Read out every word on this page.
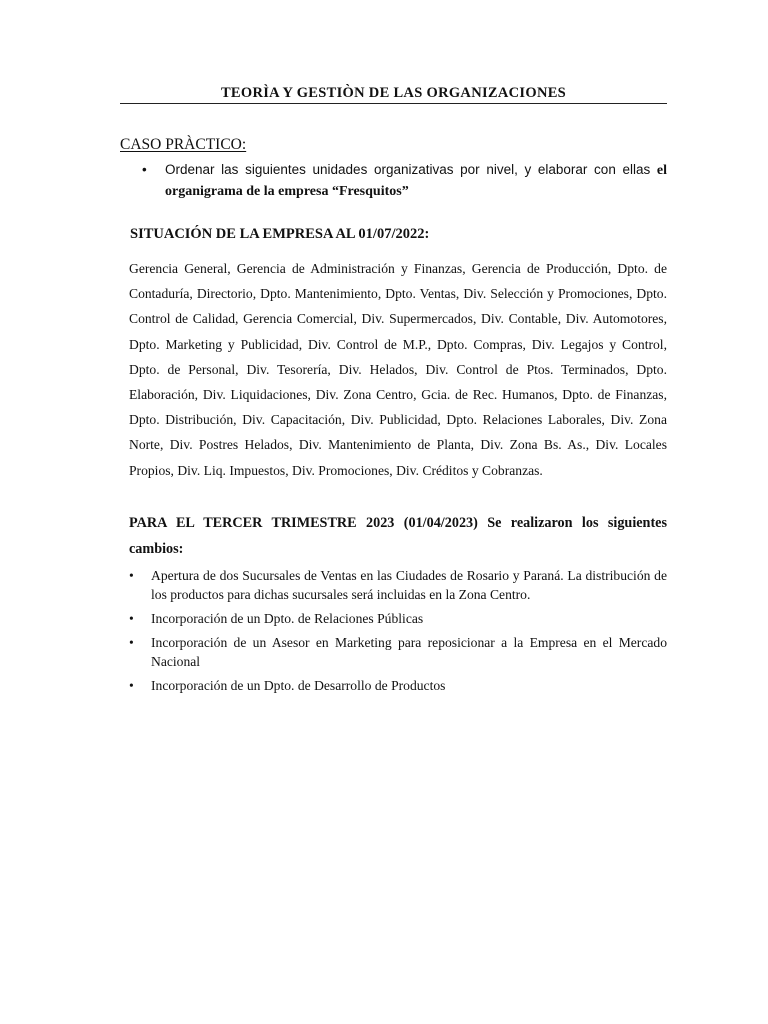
TEORÌA Y GESTIÒN DE LAS ORGANIZACIONES
CASO PRÀCTICO:
•	Ordenar las siguientes unidades organizativas por nivel, y elaborar con ellas el organigrama de la empresa “Fresquitos”
SITUACIÓN DE LA EMPRESA AL 01/07/2022:
Gerencia General, Gerencia de Administración y Finanzas, Gerencia de Producción, Dpto. de Contaduría, Directorio, Dpto. Mantenimiento, Dpto. Ventas, Div. Selección y Promociones, Dpto. Control de Calidad, Gerencia Comercial, Div. Supermercados, Div. Contable, Div. Automotores, Dpto. Marketing y Publicidad, Div. Control de M.P., Dpto. Compras, Div. Legajos y Control, Dpto. de Personal, Div. Tesorería, Div. Helados, Div. Control de Ptos. Terminados, Dpto. Elaboración, Div. Liquidaciones, Div. Zona Centro, Gcia. de Rec. Humanos, Dpto. de Finanzas, Dpto. Distribución, Div. Capacitación, Div. Publicidad, Dpto. Relaciones Laborales, Div. Zona Norte, Div. Postres Helados, Div. Mantenimiento de Planta, Div. Zona Bs. As., Div. Locales Propios, Div. Liq. Impuestos, Div. Promociones, Div. Créditos y Cobranzas.
PARA EL TERCER TRIMESTRE 2023 (01/04/2023) Se realizaron los siguientes cambios:
• Apertura de dos Sucursales de Ventas en las Ciudades de Rosario y Paraná. La distribución de los productos para dichas sucursales será incluidas en la Zona Centro.
• Incorporación de un Dpto. de Relaciones Públicas
• Incorporación de un Asesor en Marketing para reposicionar a la Empresa en el Mercado Nacional
• Incorporación de un Dpto. de Desarrollo de Productos
